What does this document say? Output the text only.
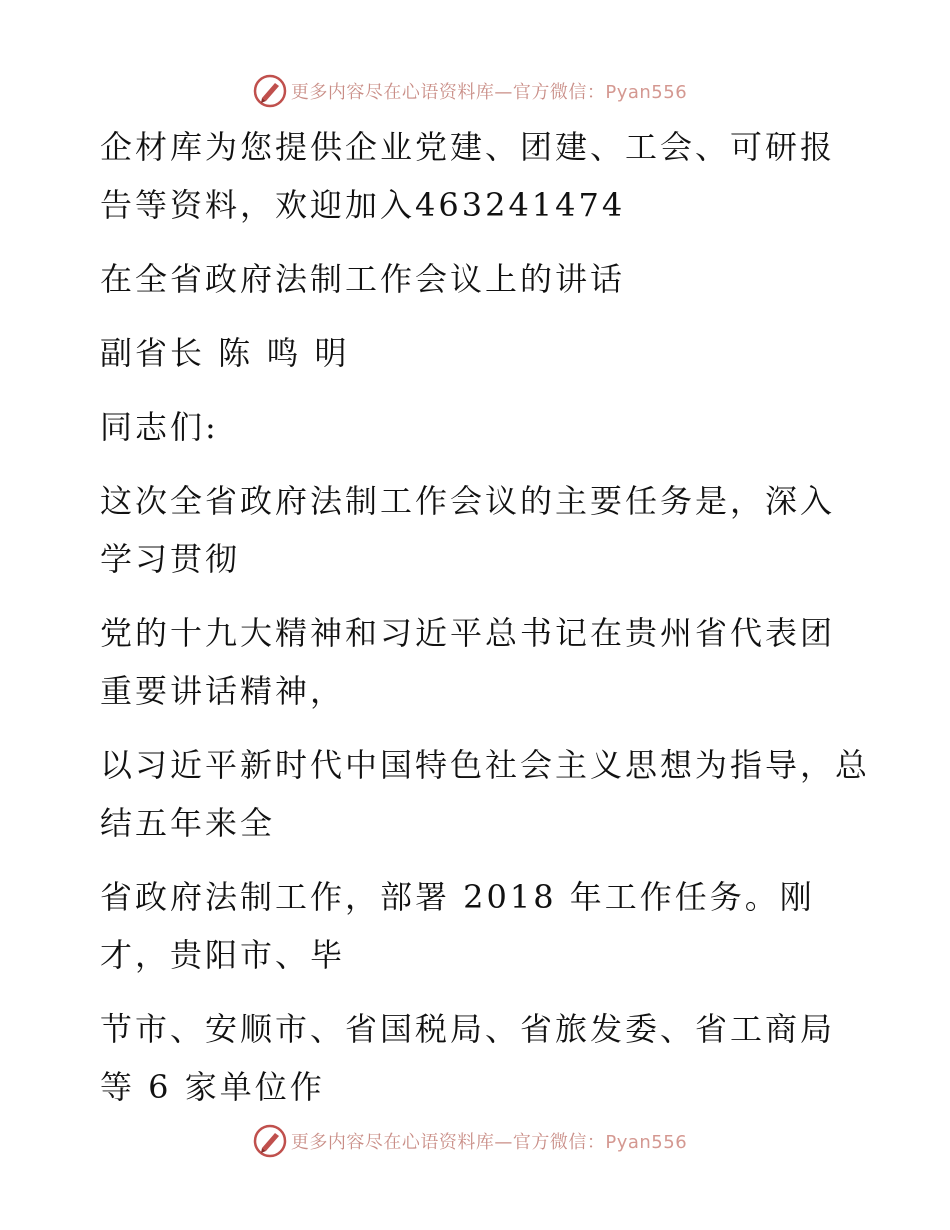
更多内容尽在心语资料库—官方微信：Pyan556
企材库为您提供企业党建、团建、工会、可研报
告等资料，欢迎加入463241474
在全省政府法制工作会议上的讲话
副省长 陈 鸣 明
同志们:
这次全省政府法制工作会议的主要任务是，深入
学习贯彻
党的十九大精神和习近平总书记在贵州省代表团
重要讲话精神，
以习近平新时代中国特色社会主义思想为指导，总
结五年来全
省政府法制工作，部署 2018 年工作任务。刚
才，贵阳市、毕
节市、安顺市、省国税局、省旅发委、省工商局
等 6 家单位作
更多内容尽在心语资料库—官方微信：Pyan556
